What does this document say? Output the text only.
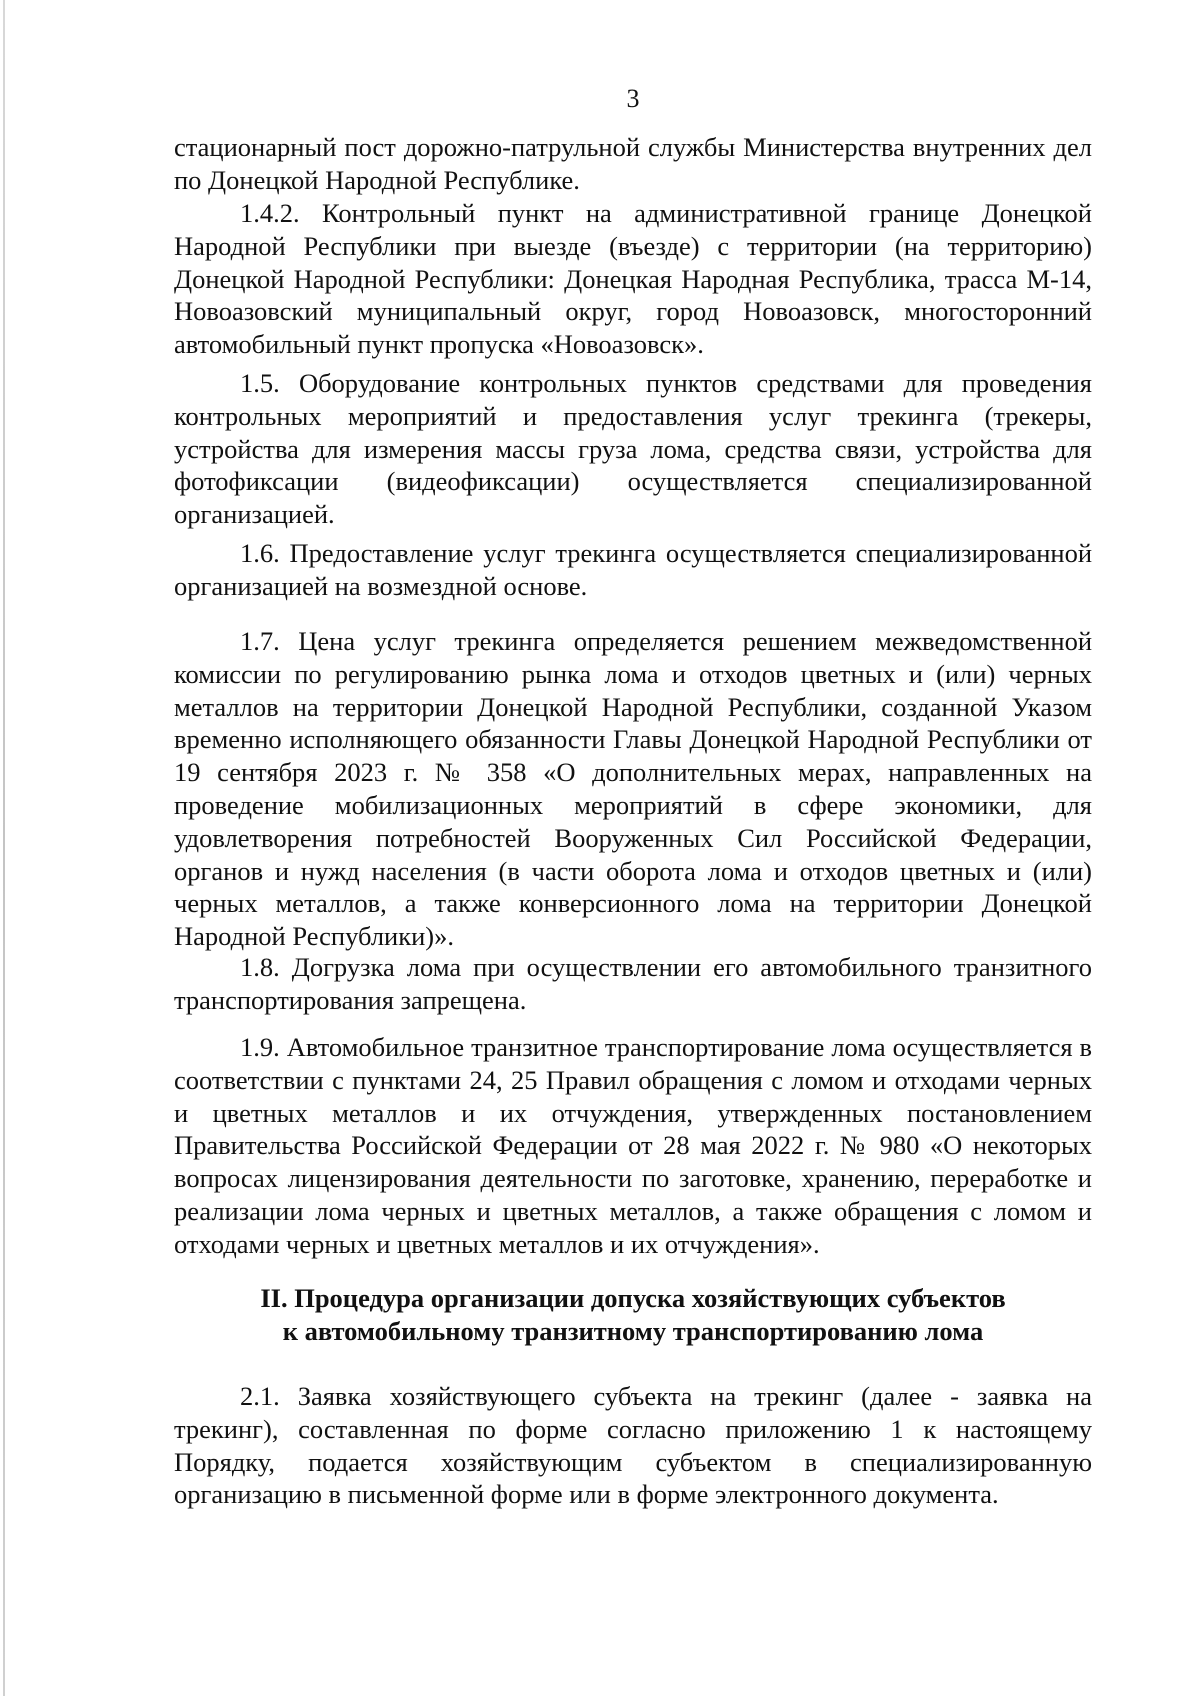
3

стационарный пост дорожно-патрульной службы Министерства внутренних дел по Донецкой Народной Республике.

1.4.2. Контрольный пункт на административной границе Донецкой Народной Республики при выезде (въезде) с территории (на территорию) Донецкой Народной Республики: Донецкая Народная Республика, трасса М-14, Новоазовский муниципальный округ, город Новоазовск, многосторонний автомобильный пункт пропуска «Новоазовск».

1.5. Оборудование контрольных пунктов средствами для проведения контрольных мероприятий и предоставления услуг трекинга (трекеры, устройства для измерения массы груза лома, средства связи, устройства для фотофиксации (видеофиксации) осуществляется специализированной организацией.

1.6. Предоставление услуг трекинга осуществляется специализированной организацией на возмездной основе.

1.7. Цена услуг трекинга определяется решением межведомственной комиссии по регулированию рынка лома и отходов цветных и (или) черных металлов на территории Донецкой Народной Республики, созданной Указом временно исполняющего обязанности Главы Донецкой Народной Республики от 19 сентября 2023 г. № 358 «О дополнительных мерах, направленных на проведение мобилизационных мероприятий в сфере экономики, для удовлетворения потребностей Вооруженных Сил Российской Федерации, органов и нужд населения (в части оборота лома и отходов цветных и (или) черных металлов, а также конверсионного лома на территории Донецкой Народной Республики)».

1.8. Догрузка лома при осуществлении его автомобильного транзитного транспортирования запрещена.

1.9. Автомобильное транзитное транспортирование лома осуществляется в соответствии с пунктами 24, 25 Правил обращения с ломом и отходами черных и цветных металлов и их отчуждения, утвержденных постановлением Правительства Российской Федерации от 28 мая 2022 г. № 980 «О некоторых вопросах лицензирования деятельности по заготовке, хранению, переработке и реализации лома черных и цветных металлов, а также обращения с ломом и отходами черных и цветных металлов и их отчуждения».

II. Процедура организации допуска хозяйствующих субъектов
к автомобильному транзитному транспортированию лома

2.1. Заявка хозяйствующего субъекта на трекинг (далее - заявка на трекинг), составленная по форме согласно приложению 1 к настоящему Порядку, подается хозяйствующим субъектом в специализированную организацию в письменной форме или в форме электронного документа.
